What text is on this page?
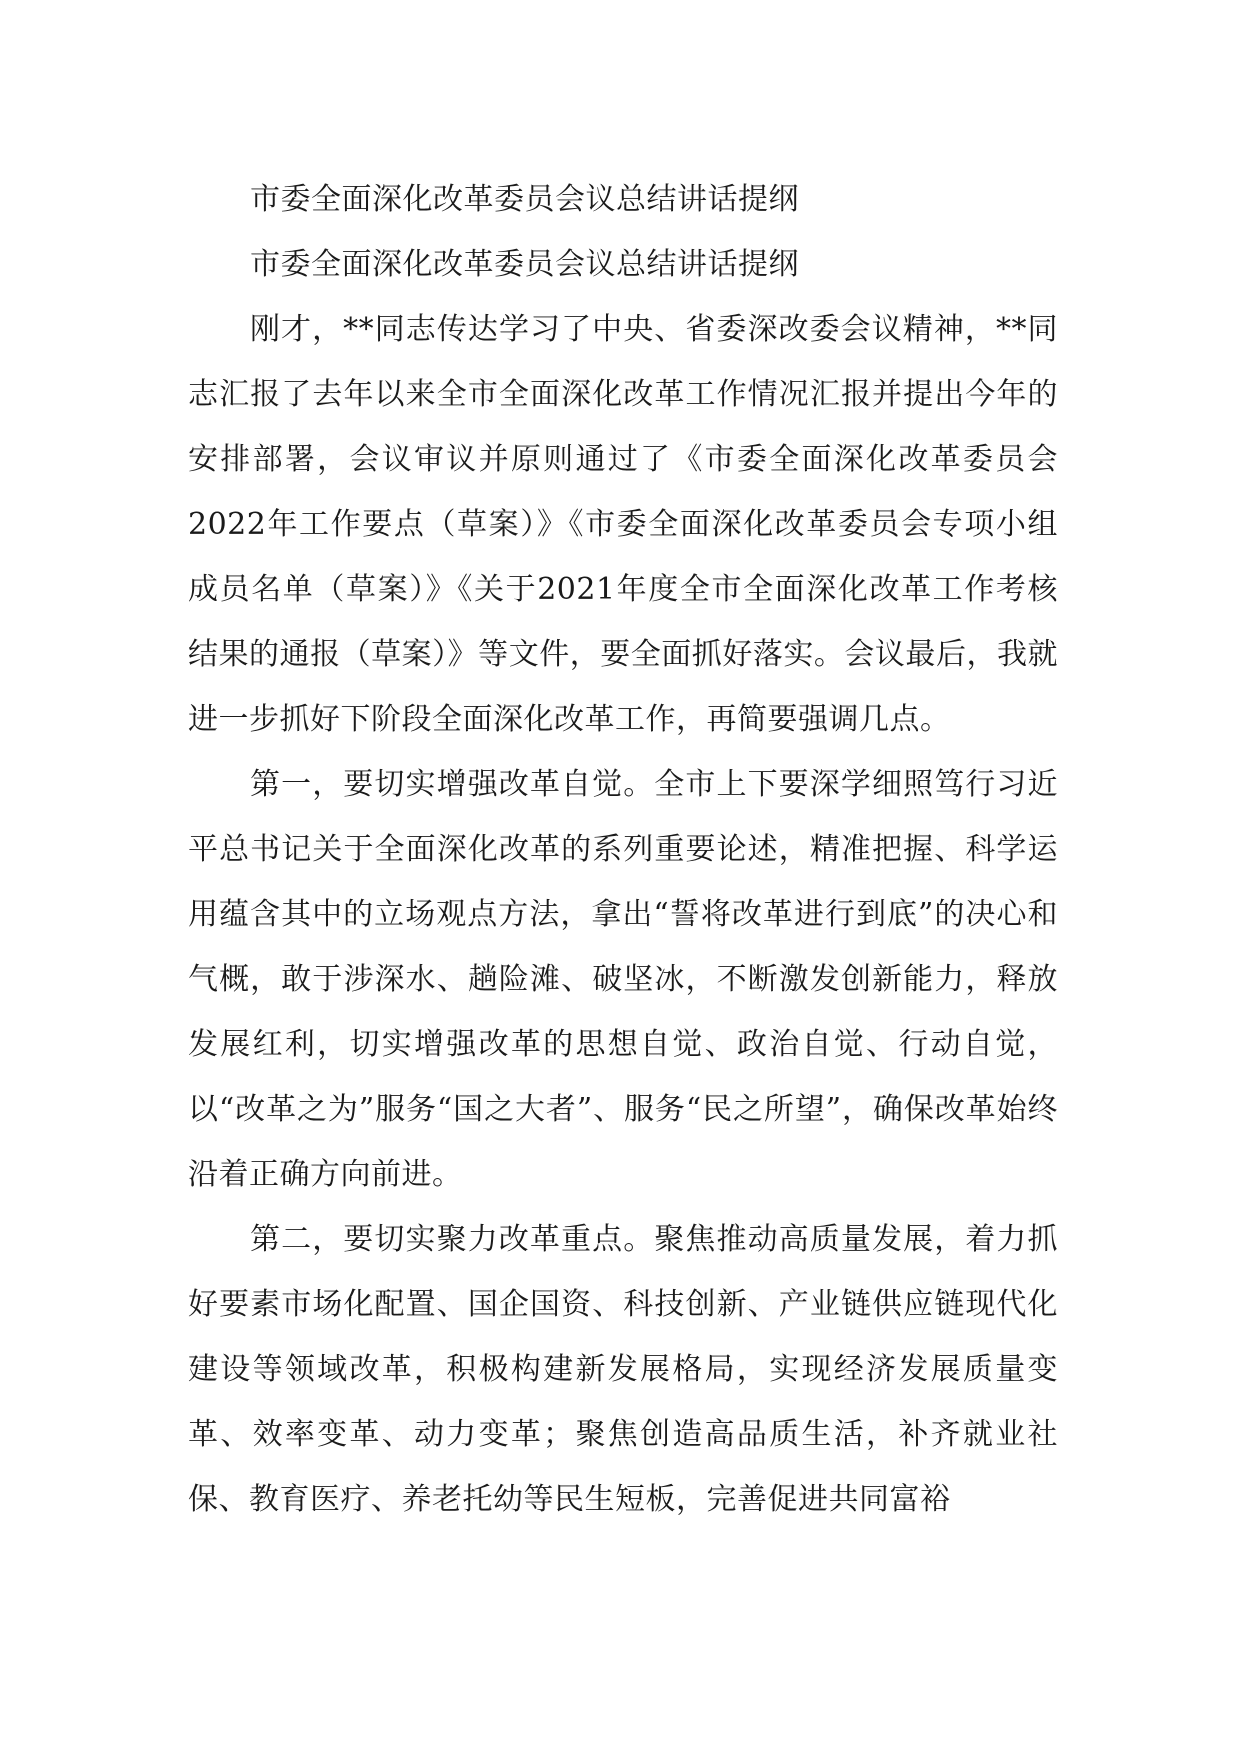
市委全面深化改革委员会议总结讲话提纲

市委全面深化改革委员会议总结讲话提纲

刚才，**同志传达学习了中央、省委深改委会议精神，**同志汇报了去年以来全市全面深化改革工作情况汇报并提出今年的安排部署，会议审议并原则通过了《市委全面深化改革委员会2022年工作要点（草案）》《市委全面深化改革委员会专项小组成员名单（草案）》《关于2021年度全市全面深化改革工作考核结果的通报（草案）》等文件，要全面抓好落实。会议最后，我就进一步抓好下阶段全面深化改革工作，再简要强调几点。

第一，要切实增强改革自觉。全市上下要深学细照笃行习近平总书记关于全面深化改革的系列重要论述，精准把握、科学运用蕴含其中的立场观点方法，拿出“誓将改革进行到底”的决心和气概，敢于涉深水、趟险滩、破坚冰，不断激发创新能力，释放发展红利，切实增强改革的思想自觉、政治自觉、行动自觉，以“改革之为”服务“国之大者”、服务“民之所望”，确保改革始终沿着正确方向前进。

第二，要切实聚力改革重点。聚焦推动高质量发展，着力抓好要素市场化配置、国企国资、科技创新、产业链供应链现代化建设等领域改革，积极构建新发展格局，实现经济发展质量变革、效率变革、动力变革；聚焦创造高品质生活，补齐就业社保、教育医疗、养老托幼等民生短板，完善促进共同富裕
